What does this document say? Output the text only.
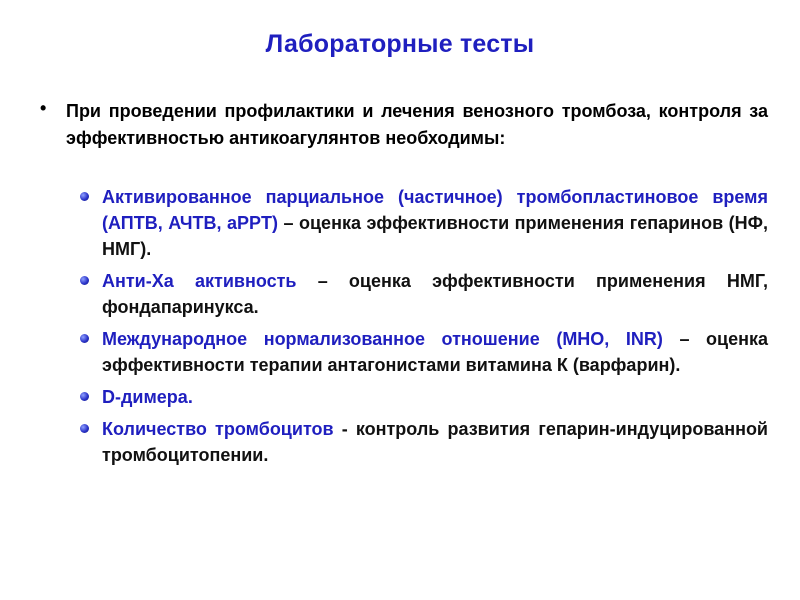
Лабораторные тесты
• При проведении профилактики и лечения венозного тромбоза, контроля за эффективностью антикоагулянтов необходимы:
Активированное парциальное (частичное) тромбопластиновое время (АПТВ, АЧТВ, aPPT) – оценка эффективности применения гепаринов (НФ, НМГ).
Анти-Ха активность – оценка эффективности применения НМГ, фондапаринукса.
Международное нормализованное отношение (МНО, INR) – оценка эффективности терапии антагонистами витамина К (варфарин).
D-димера.
Количество тромбоцитов - контроль развития гепарин-индуцированной тромбоцитопении.
